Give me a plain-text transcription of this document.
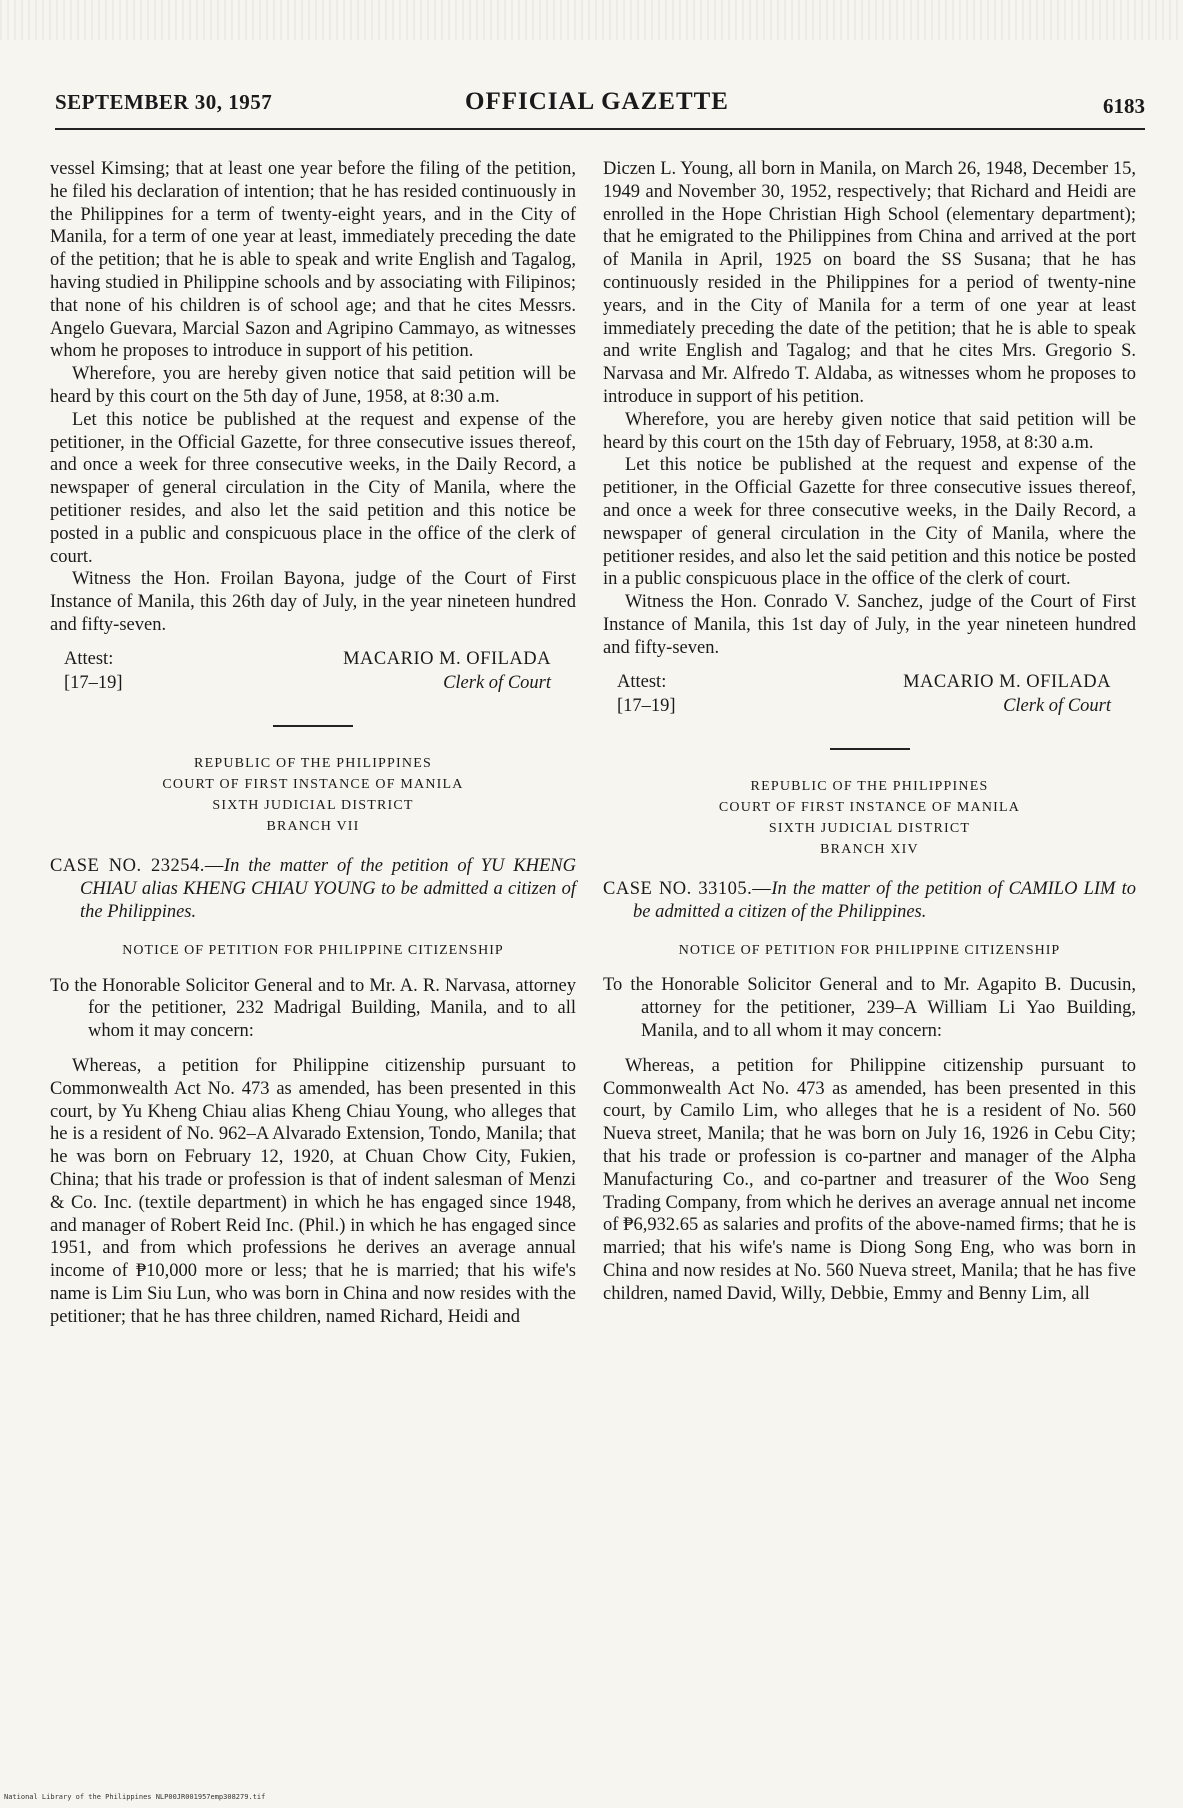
SEPTEMBER 30, 1957	OFFICIAL GAZETTE	6183

vessel Kimsing; that at least one year before the filing of the petition, he filed his declaration of intention; that he has resided continuously in the Philippines for a term of twenty-eight years, and in the City of Manila, for a term of one year at least, immediately preceding the date of the petition; that he is able to speak and write English and Tagalog, having studied in Philippine schools and by associating with Filipinos; that none of his children is of school age; and that he cites Messrs. Angelo Guevara, Marcial Sazon and Agripino Cammayo, as witnesses whom he proposes to introduce in support of his petition.

Wherefore, you are hereby given notice that said petition will be heard by this court on the 5th day of June, 1958, at 8:30 a.m.

Let this notice be published at the request and expense of the petitioner, in the Official Gazette, for three consecutive issues thereof, and once a week for three consecutive weeks, in the Daily Record, a newspaper of general circulation in the City of Manila, where the petitioner resides, and also let the said petition and this notice be posted in a public and conspicuous place in the office of the clerk of court.

Witness the Hon. Froilan Bayona, judge of the Court of First Instance of Manila, this 26th day of July, in the year nineteen hundred and fifty-seven.

Attest:
[17–19]
MACARIO M. OFILADA
Clerk of Court
REPUBLIC OF THE PHILIPPINES
COURT OF FIRST INSTANCE OF MANILA
SIXTH JUDICIAL DISTRICT
BRANCH VII

CASE NO. 23254.—In the matter of the petition of YU KHENG CHIAU alias KHENG CHIAU YOUNG to be admitted a citizen of the Philippines.

NOTICE OF PETITION FOR PHILIPPINE CITIZENSHIP

To the Honorable Solicitor General and to Mr. A. R. Narvasa, attorney for the petitioner, 232 Madrigal Building, Manila, and to all whom it may concern:

Whereas, a petition for Philippine citizenship pursuant to Commonwealth Act No. 473 as amended, has been presented in this court, by Yu Kheng Chiau alias Kheng Chiau Young, who alleges that he is a resident of No. 962–A Alvarado Extension, Tondo, Manila; that he was born on February 12, 1920, at Chuan Chow City, Fukien, China; that his trade or profession is that of indent salesman of Menzi & Co. Inc. (textile department) in which he has engaged since 1948, and manager of Robert Reid Inc. (Phil.) in which he has engaged since 1951, and from which professions he derives an average annual income of ₱10,000 more or less; that he is married; that his wife's name is Lim Siu Lun, who was born in China and now resides with the petitioner; that he has three children, named Richard, Heidi and

Diczen L. Young, all born in Manila, on March 26, 1948, December 15, 1949 and November 30, 1952, respectively; that Richard and Heidi are enrolled in the Hope Christian High School (elementary department); that he emigrated to the Philippines from China and arrived at the port of Manila in April, 1925 on board the SS Susana; that he has continuously resided in the Philippines for a period of twenty-nine years, and in the City of Manila for a term of one year at least immediately preceding the date of the petition; that he is able to speak and write English and Tagalog; and that he cites Mrs. Gregorio S. Narvasa and Mr. Alfredo T. Aldaba, as witnesses whom he proposes to introduce in support of his petition.

Wherefore, you are hereby given notice that said petition will be heard by this court on the 15th day of February, 1958, at 8:30 a.m.

Let this notice be published at the request and expense of the petitioner, in the Official Gazette for three consecutive issues thereof, and once a week for three consecutive weeks, in the Daily Record, a newspaper of general circulation in the City of Manila, where the petitioner resides, and also let the said petition and this notice be posted in a public conspicuous place in the office of the clerk of court.

Witness the Hon. Conrado V. Sanchez, judge of the Court of First Instance of Manila, this 1st day of July, in the year nineteen hundred and fifty-seven.

Attest:
[17–19]
MACARIO M. OFILADA
Clerk of Court
REPUBLIC OF THE PHILIPPINES
COURT OF FIRST INSTANCE OF MANILA
SIXTH JUDICIAL DISTRICT
BRANCH XIV

CASE NO. 33105.—In the matter of the petition of CAMILO LIM to be admitted a citizen of the Philippines.

NOTICE OF PETITION FOR PHILIPPINE CITIZENSHIP

To the Honorable Solicitor General and to Mr. Agapito B. Ducusin, attorney for the petitioner, 239–A William Li Yao Building, Manila, and to all whom it may concern:

Whereas, a petition for Philippine citizenship pursuant to Commonwealth Act No. 473 as amended, has been presented in this court, by Camilo Lim, who alleges that he is a resident of No. 560 Nueva street, Manila; that he was born on July 16, 1926 in Cebu City; that his trade or profession is co-partner and manager of the Alpha Manufacturing Co., and co-partner and treasurer of the Woo Seng Trading Company, from which he derives an average annual net income of ₱6,932.65 as salaries and profits of the above-named firms; that he is married; that his wife's name is Diong Song Eng, who was born in China and now resides at No. 560 Nueva street, Manila; that he has five children, named David, Willy, Debbie, Emmy and Benny Lim, all

National Library of the Philippines NLP00JR001957emp308279.tif
